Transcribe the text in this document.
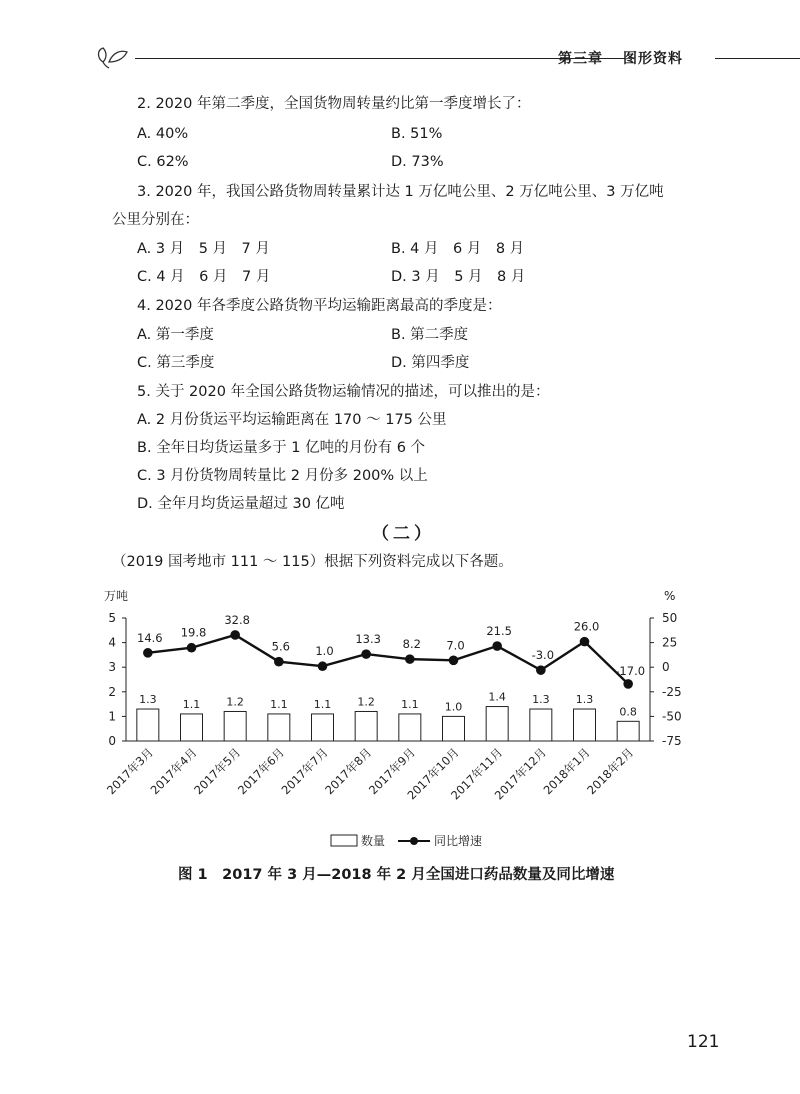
第三章 图形资料
2. 2020 年第二季度，全国货物周转量约比第一季度增长了：
A. 40%	B. 51%
C. 62%	D. 73%
3. 2020 年，我国公路货物周转量累计达 1 万亿吨公里、2 万亿吨公里、3 万亿吨
公里分别在：
A. 3 月　5 月　7 月	B. 4 月　6 月　8 月
C. 4 月　6 月　7 月	D. 3 月　5 月　8 月
4. 2020 年各季度公路货物平均运输距离最高的季度是：
A. 第一季度	B. 第二季度
C. 第三季度	D. 第四季度
5. 关于 2020 年全国公路货物运输情况的描述，可以推出的是：
A. 2 月份货运平均运输距离在 170 ～ 175 公里
B. 全年日均货运量多于 1 亿吨的月份有 6 个
C. 3 月份货物周转量比 2 月份多 200% 以上
D. 全年月均货运量超过 30 亿吨
（二）
（2019 国考地市 111 ～ 115）根据下列资料完成以下各题。
万吨	%
0
1
2
3
4
5	50
25
0
-25
-50
-75
1.3 1.1 1.2 1.1 1.1 1.2 1.1 1.0
1.4 1.3 1.3
0.8
14.6 19.8
32.8
5.6 1.0
13.3 8.2 7.0
21.5
-3.0
26.0
-17.0
2017年3月
2017年4月
2017年5月
2017年6月
2017年7月
2017年8月
2017年9月
2017年10月
2017年11月
2017年12月
2018年1月
2018年2月
数量	同比增速
图 1　2017 年 3 月—2018 年 2 月全国进口药品数量及同比增速
121
